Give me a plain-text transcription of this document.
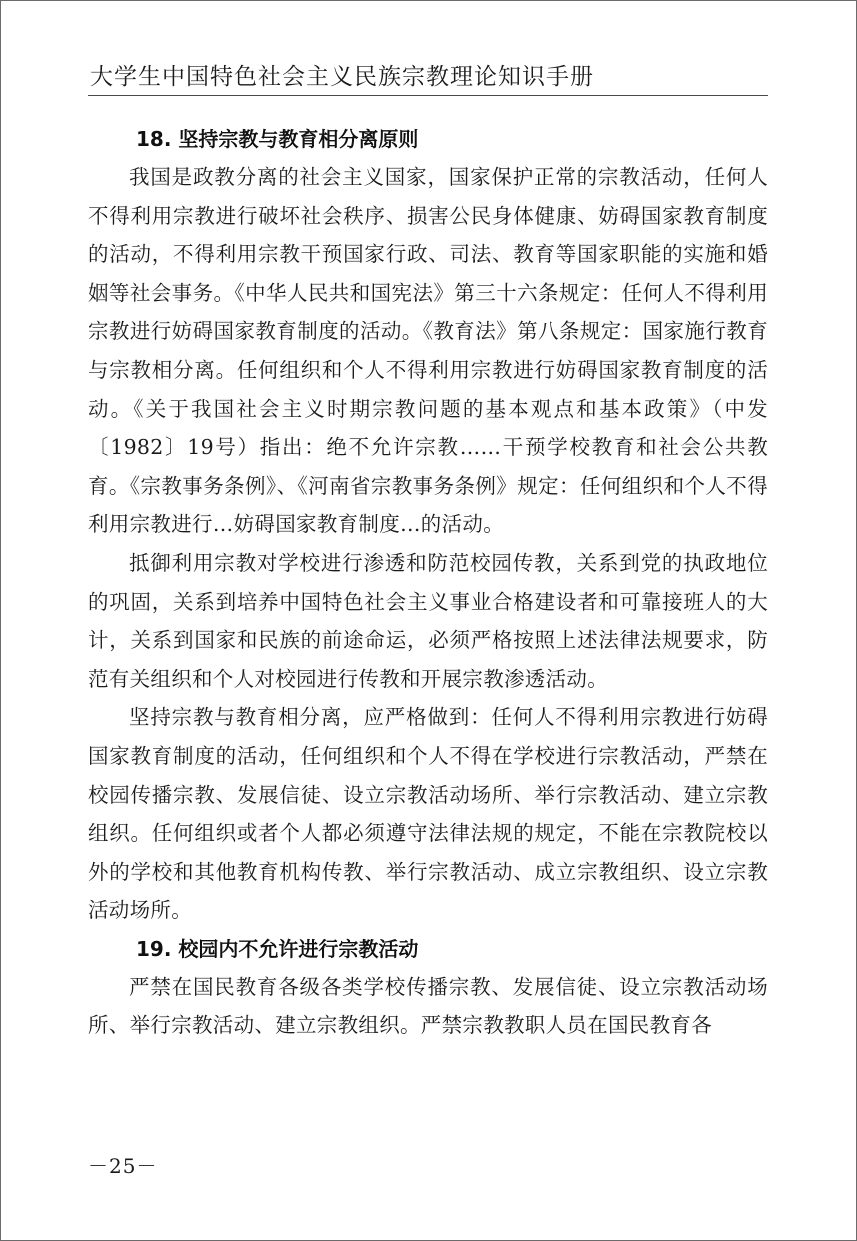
大学生中国特色社会主义民族宗教理论知识手册
18. 坚持宗教与教育相分离原则

我国是政教分离的社会主义国家，国家保护正常的宗教活动，任何人不得利用宗教进行破坏社会秩序、损害公民身体健康、妨碍国家教育制度的活动，不得利用宗教干预国家行政、司法、教育等国家职能的实施和婚姻等社会事务。《中华人民共和国宪法》第三十六条规定：任何人不得利用宗教进行妨碍国家教育制度的活动。《教育法》第八条规定：国家施行教育与宗教相分离。任何组织和个人不得利用宗教进行妨碍国家教育制度的活动。《关于我国社会主义时期宗教问题的基本观点和基本政策》（中发〔1982〕19号）指出：绝不允许宗教……干预学校教育和社会公共教育。《宗教事务条例》、《河南省宗教事务条例》规定：任何组织和个人不得利用宗教进行…妨碍国家教育制度…的活动。

抵御利用宗教对学校进行渗透和防范校园传教，关系到党的执政地位的巩固，关系到培养中国特色社会主义事业合格建设者和可靠接班人的大计，关系到国家和民族的前途命运，必须严格按照上述法律法规要求，防范有关组织和个人对校园进行传教和开展宗教渗透活动。

坚持宗教与教育相分离，应严格做到：任何人不得利用宗教进行妨碍国家教育制度的活动，任何组织和个人不得在学校进行宗教活动，严禁在校园传播宗教、发展信徒、设立宗教活动场所、举行宗教活动、建立宗教组织。任何组织或者个人都必须遵守法律法规的规定，不能在宗教院校以外的学校和其他教育机构传教、举行宗教活动、成立宗教组织、设立宗教活动场所。

19. 校园内不允许进行宗教活动

严禁在国民教育各级各类学校传播宗教、发展信徒、设立宗教活动场所、举行宗教活动、建立宗教组织。严禁宗教教职人员在国民教育各

－25－
